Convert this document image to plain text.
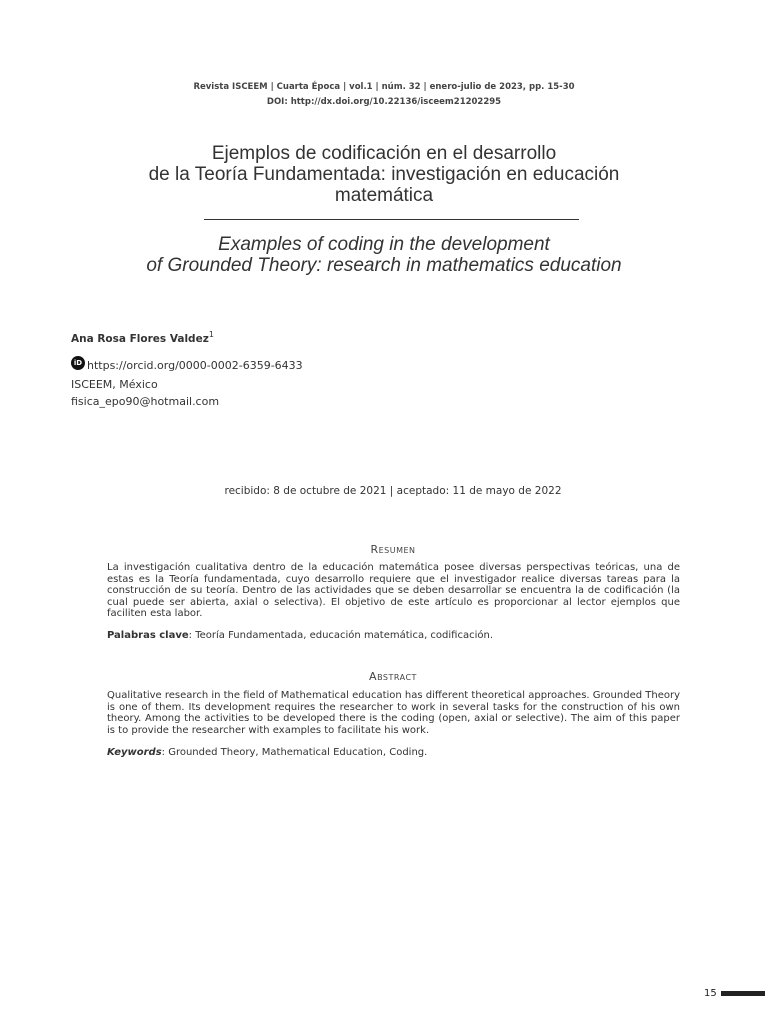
Revista ISCEEM | Cuarta Época | vol.1 | núm. 32 | enero-julio de 2023, pp. 15-30
DOI: http://dx.doi.org/10.22136/isceem21202295
Ejemplos de codificación en el desarrollo
de la Teoría Fundamentada: investigación en educación
matemática
Examples of coding in the development
of Grounded Theory: research in mathematics education
Ana Rosa Flores Valdez$^1$
iD https://orcid.org/0000-0002-6359-6433
ISCEEM, México
fisica_epo90@hotmail.com
recibido: 8 de octubre de 2021 | aceptado: 11 de mayo de 2022
Resumen

La investigación cualitativa dentro de la educación matemática posee diversas perspectivas teóricas, una de estas es la Teoría fundamentada, cuyo desarrollo requiere que el investigador realice diversas tareas para la construcción de su teoría. Dentro de las actividades que se deben desarrollar se encuentra la de codificación (la cual puede ser abierta, axial o selectiva). El objetivo de este artículo es proporcionar al lector ejemplos que faciliten esta labor.

Palabras clave: Teoría Fundamentada, educación matemática, codificación.

Abstract

Qualitative research in the field of Mathematical education has different theoretical approaches. Grounded Theory is one of them. Its development requires the researcher to work in several tasks for the construction of his own theory. Among the activities to be developed there is the coding (open, axial or selective). The aim of this paper is to provide the researcher with examples to facilitate his work.

Keywords: Grounded Theory, Mathematical Education, Coding.

15
